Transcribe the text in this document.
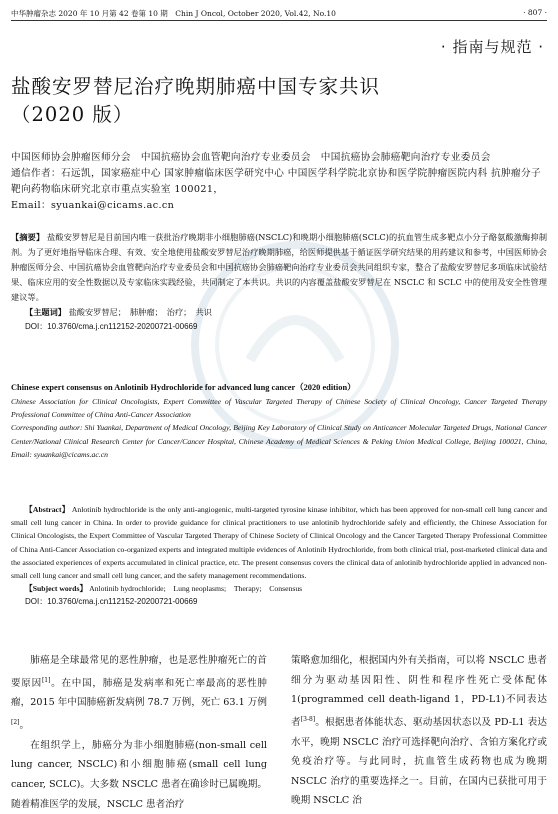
中华肿瘤杂志 2020 年 10 月第 42 卷第 10 期　Chin J Oncol, October 2020, Vol.42, No.10	· 807 ·
· 指南与规范 ·
盐酸安罗替尼治疗晚期肺癌中国专家共识
（2020 版）

中国医师协会肿瘤医师分会　中国抗癌协会血管靶向治疗专业委员会　中国抗癌协会肺癌靶向治疗专业委员会

通信作者：石远凯，国家癌症中心 国家肿瘤临床医学研究中心 中国医学科学院北京协和医学院肿瘤医院内科 抗肿瘤分子靶向药物临床研究北京市重点实验室 100021，

Email：syuankai@cicams.ac.cn

【摘要】 盐酸安罗替尼是目前国内唯一获批治疗晚期非小细胞肺癌(NSCLC)和晚期小细胞肺癌(SCLC)的抗血管生成多靶点小分子酪氨酸激酶抑制剂。为了更好地指导临床合理、有效、安全地使用盐酸安罗替尼治疗晚期肺癌，给医师提供基于循证医学研究结果的用药建议和参考，中国医师协会肿瘤医师分会、中国抗癌协会血管靶向治疗专业委员会和中国抗癌协会肺癌靶向治疗专业委员会共同组织专家，整合了盐酸安罗替尼多项临床试验结果、临床应用的安全性数据以及专家临床实践经验，共同制定了本共识。共识的内容覆盖盐酸安罗替尼在 NSCLC 和 SCLC 中的使用及安全性管理建议等。

【主题词】 盐酸安罗替尼；　肺肿瘤；　治疗；　共识

DOI：10.3760/cma.j.cn112152-20200721-00669

Chinese expert consensus on Anlotinib Hydrochloride for advanced lung cancer（2020 edition）

Chinese Association for Clinical Oncologists, Expert Committee of Vascular Targeted Therapy of Chinese Society of Clinical Oncology, Cancer Targeted Therapy Professional Committee of China Anti-Cancer Association

Corresponding author: Shi Yuankai, Department of Medical Oncology, Beijing Key Laboratory of Clinical Study on Anticancer Molecular Targeted Drugs, National Cancer Center/National Clinical Research Center for Cancer/Cancer Hospital, Chinese Academy of Medical Sciences & Peking Union Medical College, Beijing 100021, China, Email: syuankai@cicams.ac.cn

【Abstract】 Anlotinib hydrochloride is the only anti-angiogenic, multi-targeted tyrosine kinase inhibitor, which has been approved for non-small cell lung cancer and small cell lung cancer in China. In order to provide guidance for clinical practitioners to use anlotinib hydrochloride safely and efficiently, the Chinese Association for Clinical Oncologists, the Expert Committee of Vascular Targeted Therapy of Chinese Society of Clinical Oncology and the Cancer Targeted Therapy Professional Committee of China Anti-Cancer Association co-organized experts and integrated multiple evidences of Anlotinib Hydrochloride, from both clinical trial, post-marketed clinical data and the associated experiences of experts accumulated in clinical practice, etc. The present consensus covers the clinical data of anlotinib hydrochloride applied in advanced non-small cell lung cancer and small cell lung cancer, and the safety management recommendations.

【Subject words】 Anlotinib hydrochloride;　Lung neoplasms;　Therapy;　Consensus

DOI：10.3760/cma.j.cn112152-20200721-00669

肺癌是全球最常见的恶性肿瘤，也是恶性肿瘤死亡的首要原因[1]。在中国，肺癌是发病率和死亡率最高的恶性肿瘤，2015 年中国肺癌新发病例 78.7 万例，死亡 63.1 万例[2]。

在组织学上，肺癌分为非小细胞肺癌(non-small cell lung cancer, NSCLC)和小细胞肺癌(small cell lung cancer, SCLC)。大多数 NSCLC 患者在确诊时已属晚期。随着精准医学的发展，NSCLC 患者治疗

策略愈加细化，根据国内外有关指南，可以将 NSCLC 患者细分为驱动基因阳性、阴性和程序性死亡受体配体 1(programmed cell death-ligand 1，PD-L1)不同表达者[3-8]。根据患者体能状态、驱动基因状态以及 PD-L1 表达水平，晚期 NSCLC 治疗可选择靶向治疗、含铂方案化疗或免疫治疗等。与此同时，抗血管生成药物也成为晚期 NSCLC 治疗的重要选择之一。目前，在国内已获批可用于晚期 NSCLC 治
